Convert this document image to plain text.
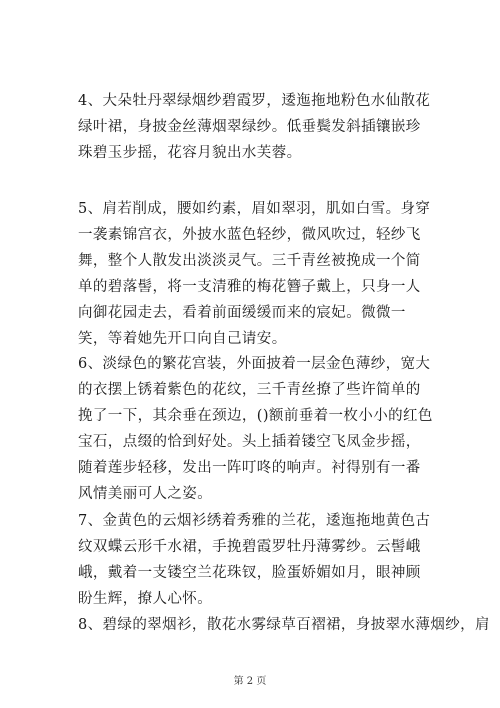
4、大朵牡丹翠绿烟纱碧霞罗，逶迤拖地粉色水仙散花绿叶裙，身披金丝薄烟翠绿纱。低垂鬓发斜插镶嵌珍珠碧玉步摇，花容月貌出水芙蓉。

5、肩若削成，腰如约素，眉如翠羽，肌如白雪。身穿一袭素锦宫衣，外披水蓝色轻纱，微风吹过，轻纱飞舞，整个人散发出淡淡灵气。三千青丝被挽成一个简单的碧落髻，将一支清雅的梅花簪子戴上，只身一人向御花园走去，看着前面缓缓而来的宸妃。微微一笑，等着她先开口向自己请安。

6、淡绿色的繁花宫装，外面披着一层金色薄纱，宽大的衣摆上锈着紫色的花纹，三千青丝撩了些许简单的挽了一下，其余垂在颈边，()额前垂着一枚小小的红色宝石，点缀的恰到好处。头上插着镂空飞凤金步摇，随着莲步轻移，发出一阵叮咚的响声。衬得别有一番风情美丽可人之姿。

7、金黄色的云烟衫绣着秀雅的兰花，逶迤拖地黄色古纹双蝶云形千水裙，手挽碧霞罗牡丹薄雾纱。云髻峨峨，戴着一支镂空兰花珠钗，脸蛋娇媚如月，眼神顾盼生辉，撩人心怀。

8、碧绿的翠烟衫，散花水雾绿草百褶裙，身披翠水薄烟纱，肩

第 2 页
